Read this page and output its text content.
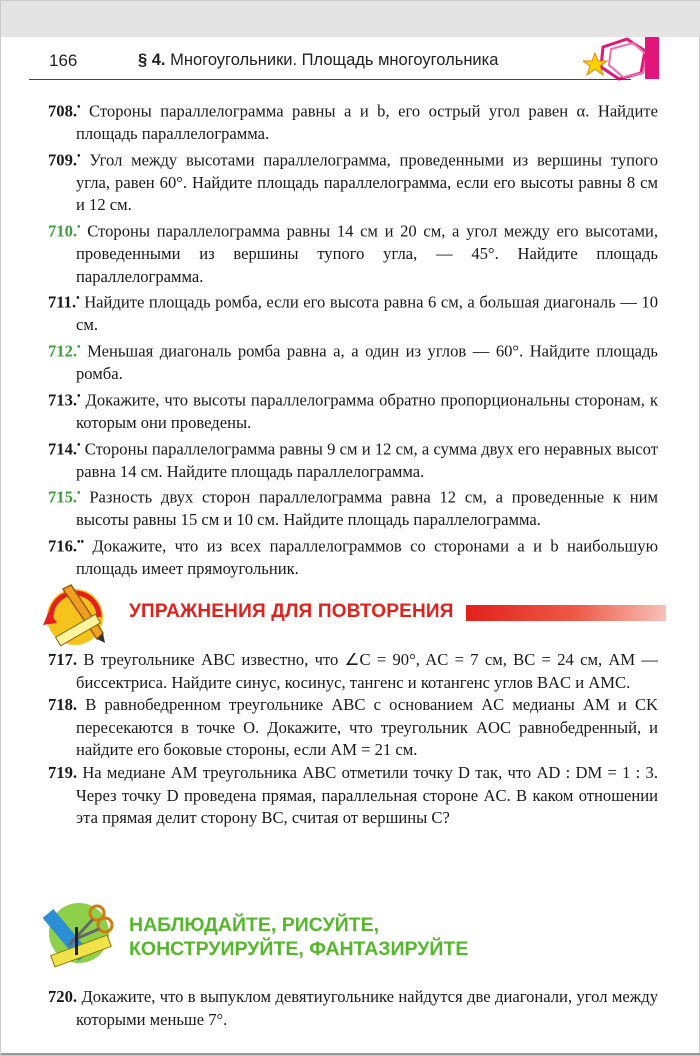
166	§ 4. Многоугольники. Площадь многоугольника
708.• Стороны параллелограмма равны a и b, его острый угол равен α. Найдите площадь параллелограмма.
709.• Угол между высотами параллелограмма, проведенными из вершины тупого угла, равен 60°. Найдите площадь параллелограмма, если его высоты равны 8 см и 12 см.
710.• Стороны параллелограмма равны 14 см и 20 см, а угол между его высотами, проведенными из вершины тупого угла, — 45°. Найдите площадь параллелограмма.
711.• Найдите площадь ромба, если его высота равна 6 см, а большая диагональ — 10 см.
712.• Меньшая диагональ ромба равна a, а один из углов — 60°. Найдите площадь ромба.
713.• Докажите, что высоты параллелограмма обратно пропорциональны сторонам, к которым они проведены.
714.• Стороны параллелограмма равны 9 см и 12 см, а сумма двух его неравных высот равна 14 см. Найдите площадь параллелограмма.
715.• Разность двух сторон параллелограмма равна 12 см, а проведенные к ним высоты равны 15 см и 10 см. Найдите площадь параллелограмма.
716.•• Докажите, что из всех параллелограммов со сторонами a и b наибольшую площадь имеет прямоугольник.
УПРАЖНЕНИЯ ДЛЯ ПОВТОРЕНИЯ
717. В треугольнике ABC известно, что ∠C = 90°, AC = 7 см, BC = 24 см, AM — биссектриса. Найдите синус, косинус, тангенс и котангенс углов BAC и AMC.
718. В равнобедренном треугольнике ABC с основанием AC медианы AM и CK пересекаются в точке O. Докажите, что треугольник AOC равнобедренный, и найдите его боковые стороны, если AM = 21 см.
719. На медиане AM треугольника ABC отметили точку D так, что AD : DM = 1 : 3. Через точку D проведена прямая, параллельная стороне AC. В каком отношении эта прямая делит сторону BC, считая от вершины C?
НАБЛЮДАЙТЕ, РИСУЙТЕ,
КОНСТРУИРУЙТЕ, ФАНТАЗИРУЙТЕ
720. Докажите, что в выпуклом девятиугольнике найдутся две диагонали, угол между которыми меньше 7°.
